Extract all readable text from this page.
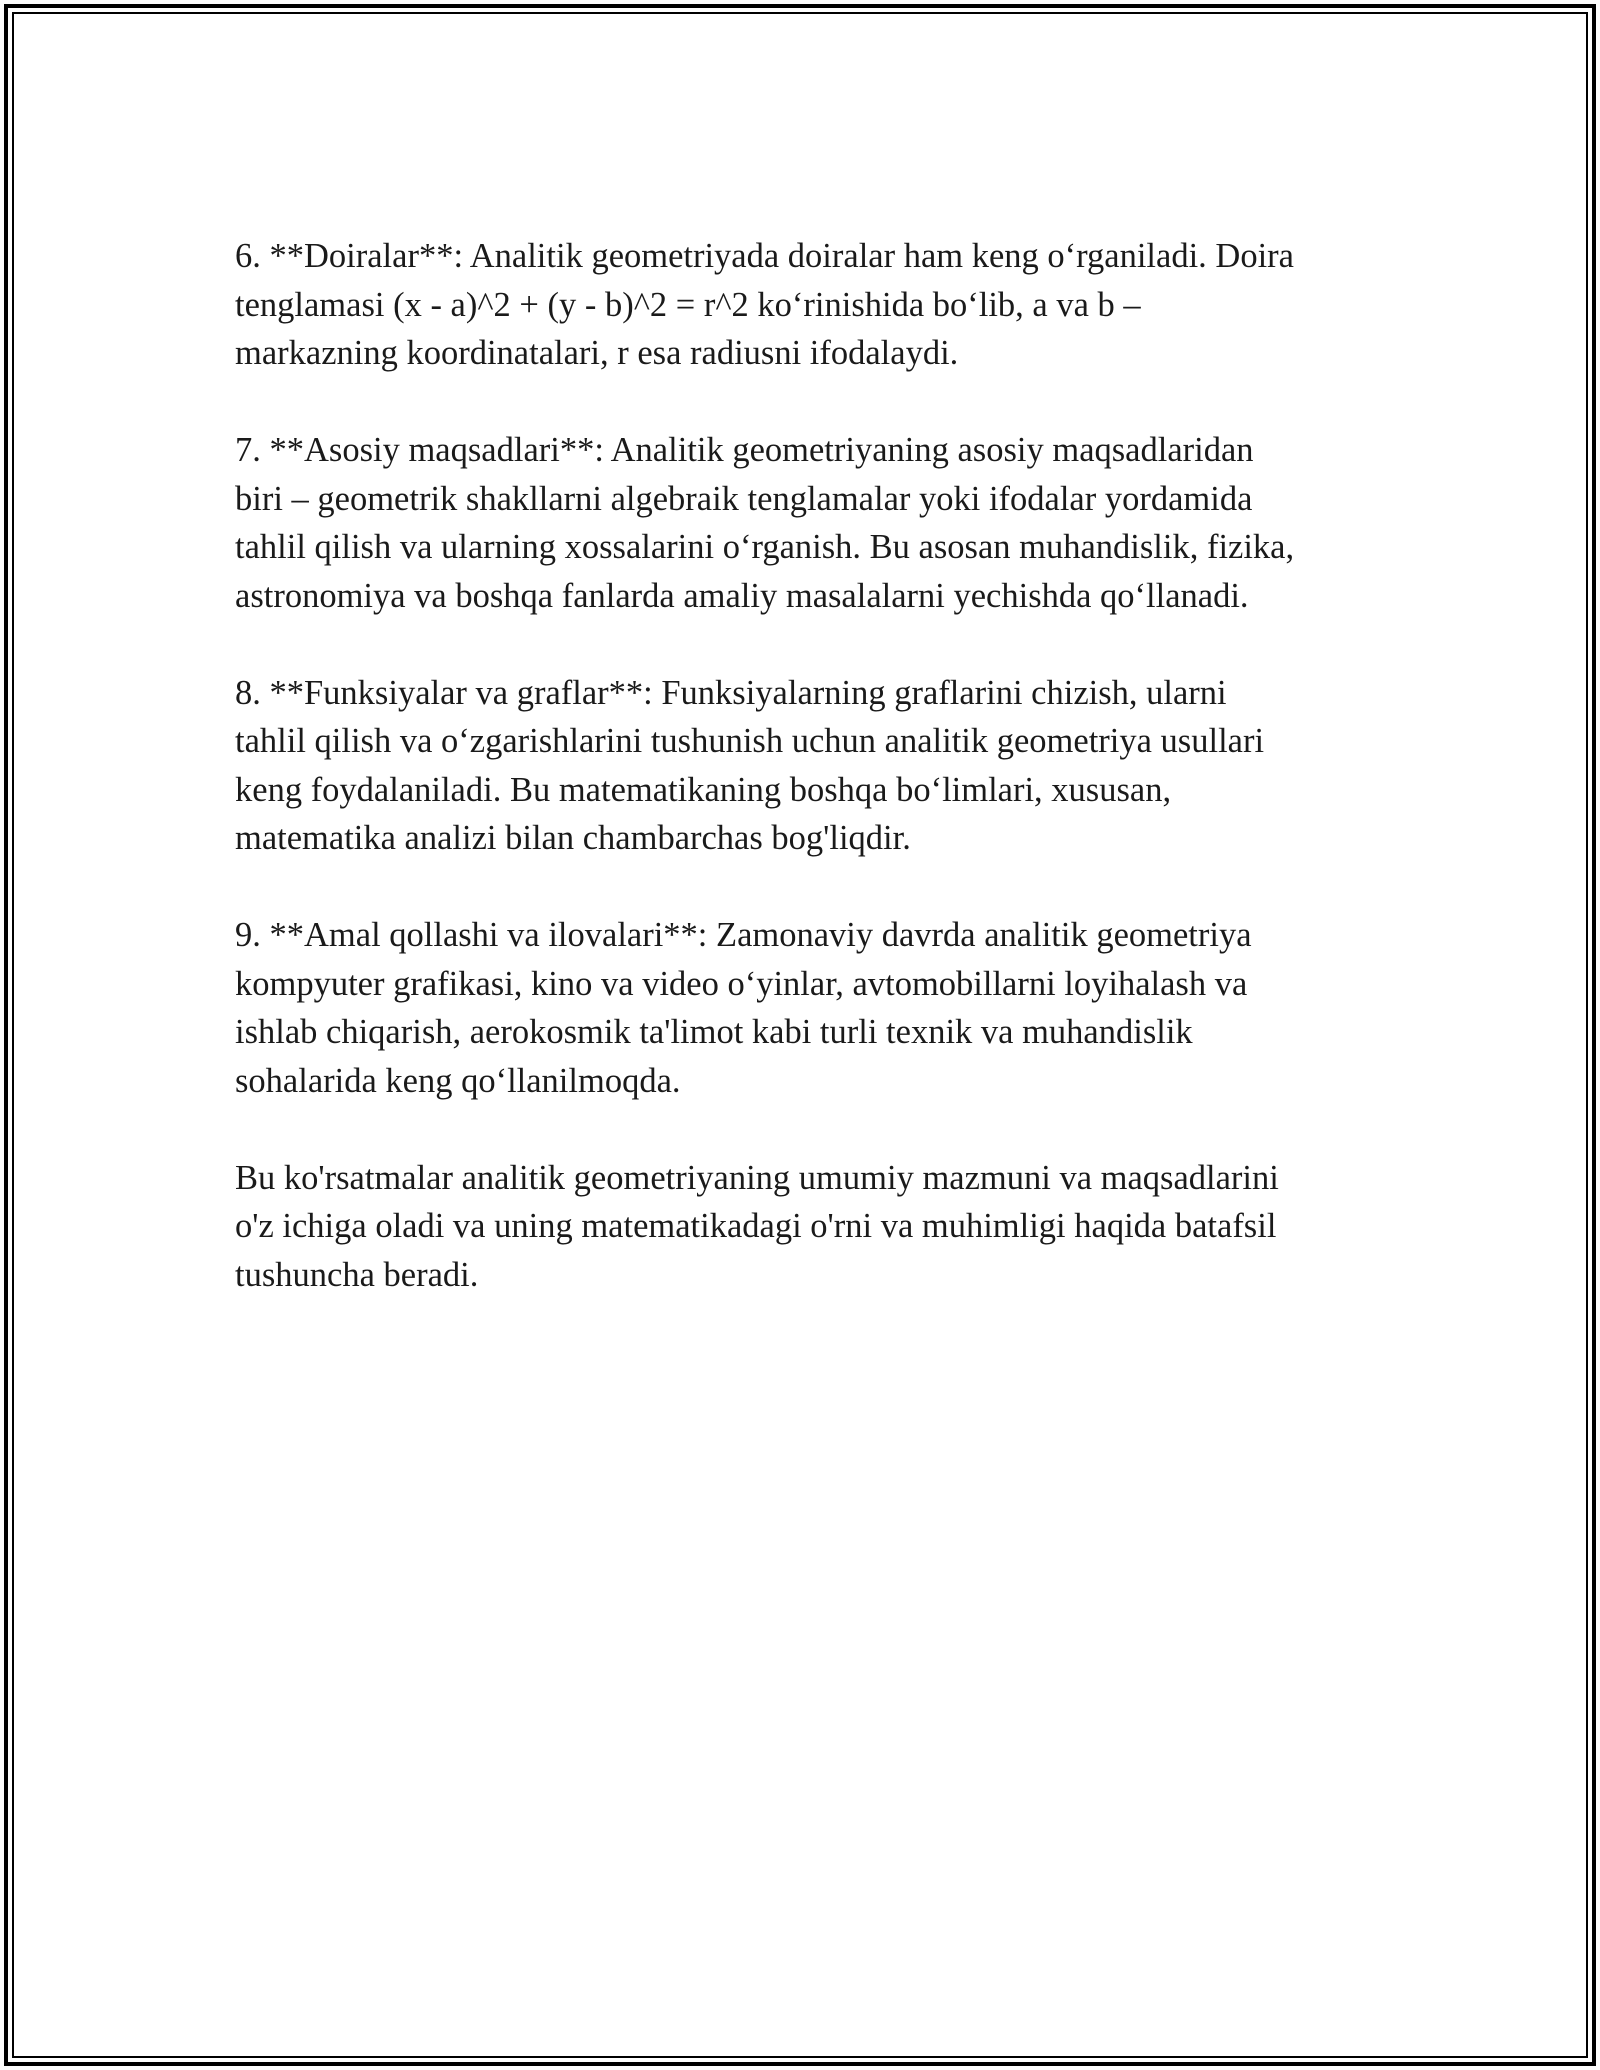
6. **Doiralar**: Analitik geometriyada doiralar ham keng o‘rganiladi. Doira
tenglamasi (x - a)^2 + (y - b)^2 = r^2 ko‘rinishida bo‘lib, a va b –
markazning koordinatalari, r esa radiusni ifodalaydi.

7. **Asosiy maqsadlari**: Analitik geometriyaning asosiy maqsadlaridan
biri – geometrik shakllarni algebraik tenglamalar yoki ifodalar yordamida
tahlil qilish va ularning xossalarini o‘rganish. Bu asosan muhandislik, fizika,
astronomiya va boshqa fanlarda amaliy masalalarni yechishda qo‘llanadi.

8. **Funksiyalar va graflar**: Funksiyalarning graflarini chizish, ularni
tahlil qilish va o‘zgarishlarini tushunish uchun analitik geometriya usullari
keng foydalaniladi. Bu matematikaning boshqa bo‘limlari, xususan,
matematika analizi bilan chambarchas bog'liqdir.

9. **Amal qollashi va ilovalari**: Zamonaviy davrda analitik geometriya
kompyuter grafikasi, kino va video o‘yinlar, avtomobillarni loyihalash va
ishlab chiqarish, aerokosmik ta'limot kabi turli texnik va muhandislik
sohalarida keng qo‘llanilmoqda.

Bu ko'rsatmalar analitik geometriyaning umumiy mazmuni va maqsadlarini
o'z ichiga oladi va uning matematikadagi o'rni va muhimligi haqida batafsil
tushuncha beradi.
